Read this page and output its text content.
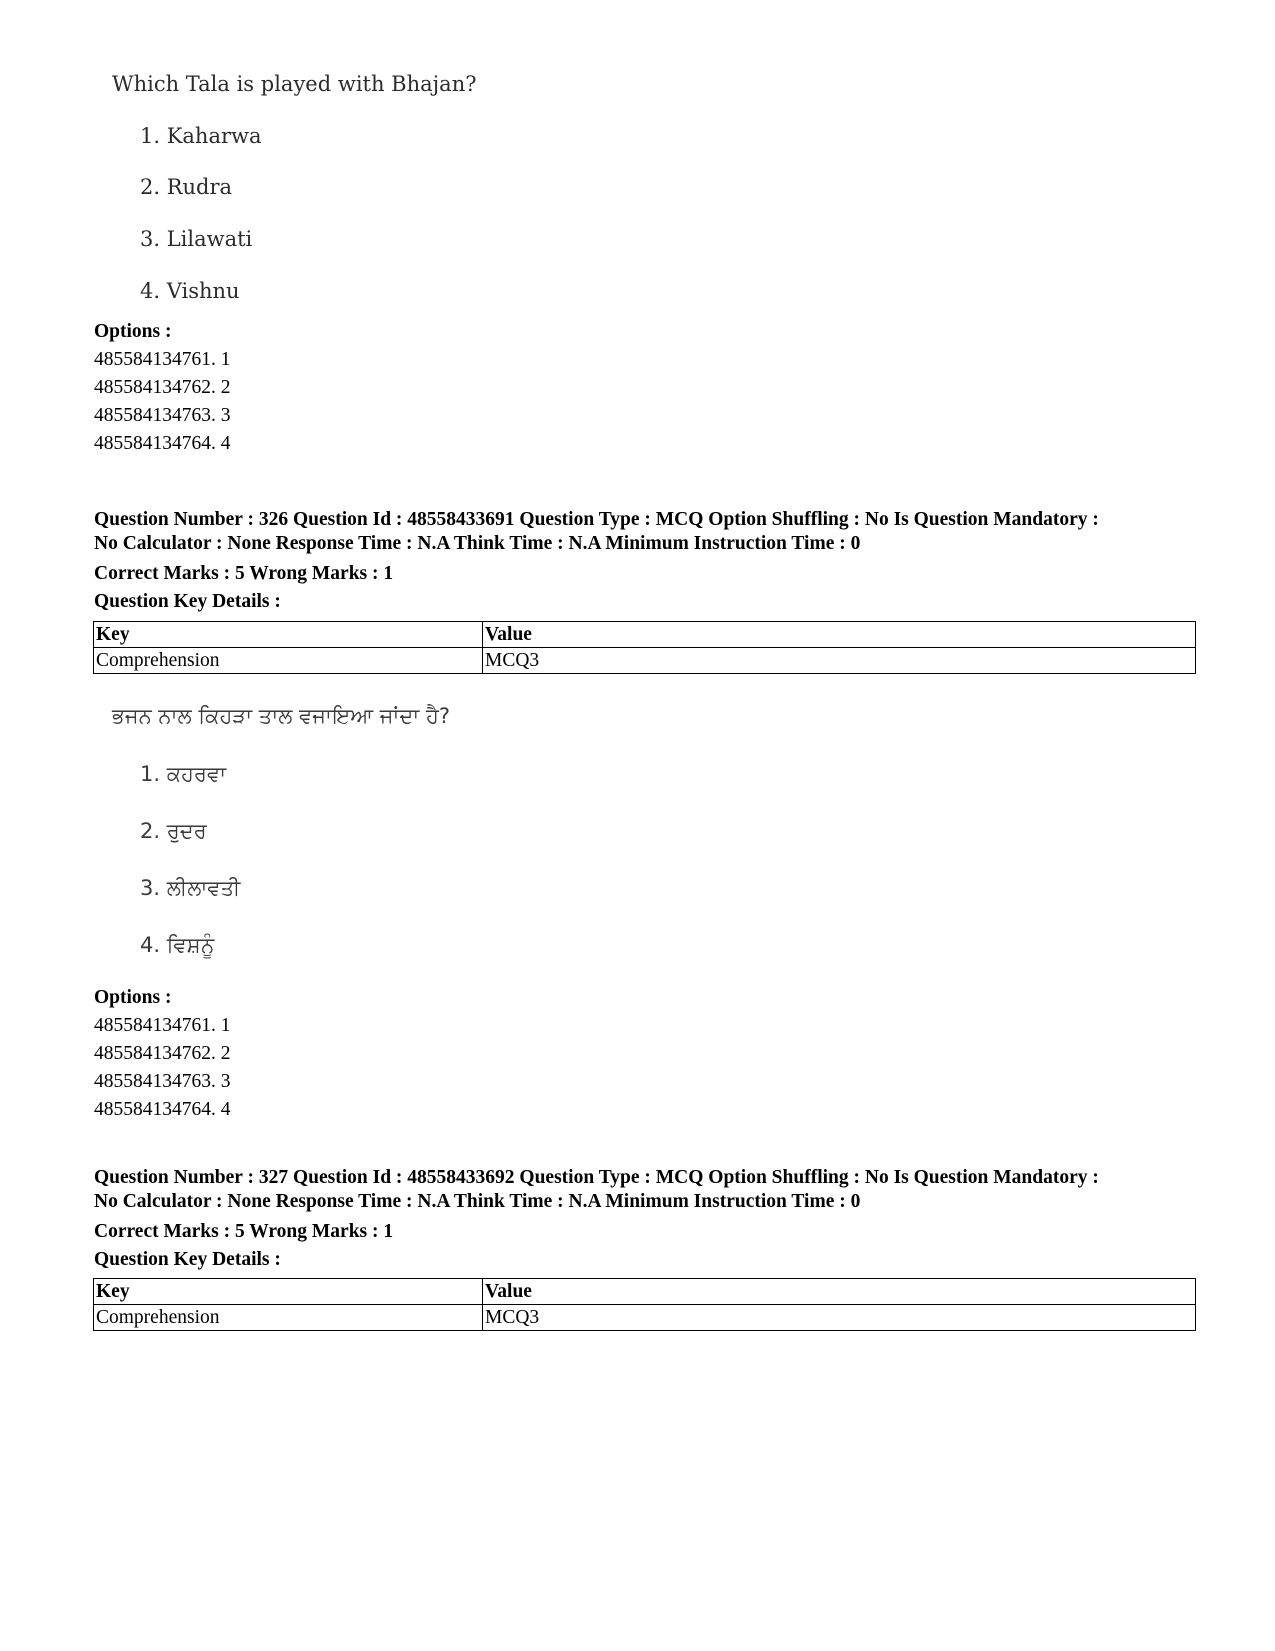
Which Tala is played with Bhajan?
1. Kaharwa
2. Rudra
3. Lilawati
4. Vishnu
Options :
485584134761. 1
485584134762. 2
485584134763. 3
485584134764. 4
Question Number : 326 Question Id : 48558433691 Question Type : MCQ Option Shuffling : No Is Question Mandatory :
No Calculator : None Response Time : N.A Think Time : N.A Minimum Instruction Time : 0
Correct Marks : 5 Wrong Marks : 1
Question Key Details :
Key	Value
Comprehension	MCQ3
ਭਜਨ ਨਾਲ ਕਿਹੜਾ ਤਾਲ ਵਜਾਇਆ ਜਾਂਦਾ ਹੈ?
1. ਕਹਰਵਾ
2. ਰੁਦਰ
3. ਲੀਲਾਵਤੀ
4. ਵਿਸ਼ਨੂੰ
Options :
485584134761. 1
485584134762. 2
485584134763. 3
485584134764. 4
Question Number : 327 Question Id : 48558433692 Question Type : MCQ Option Shuffling : No Is Question Mandatory :
No Calculator : None Response Time : N.A Think Time : N.A Minimum Instruction Time : 0
Correct Marks : 5 Wrong Marks : 1
Question Key Details :
Key	Value
Comprehension	MCQ3
